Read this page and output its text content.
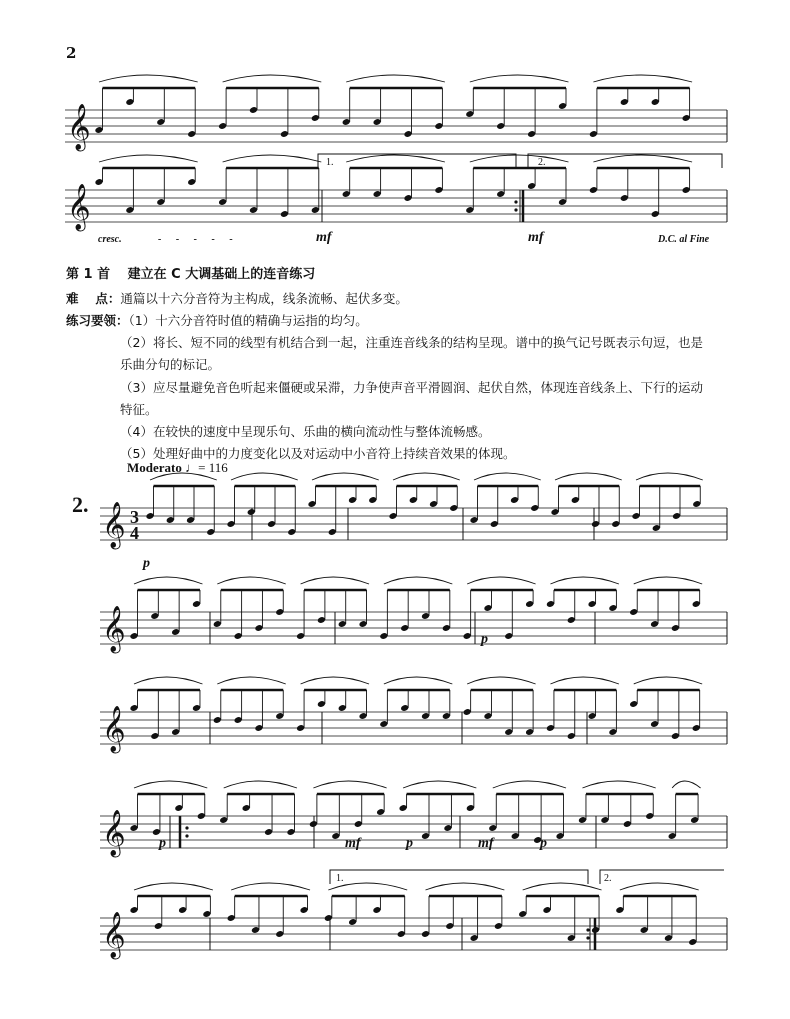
2
𝄞
𝄞
1.	2.
cresc.	- - - - -	mf	mf	D.C. al Fine
第 1 首　 建立在 C 大调基础上的连音练习
难　 点：通篇以十六分音符为主构成，线条流畅、起伏多变。
练习要领：（1）十六分音符时值的精确与运指的均匀。
（2）将长、短不同的线型有机结合到一起，注重连音线条的结构呈现。谱中的换气记号既表示句逗，也是
乐曲分句的标记。
（3）应尽量避免音色听起来僵硬或呆滞，力争使声音平滑圆润、起伏自然，体现连音线条上、下行的运动
特征。
（4）在较快的速度中呈现乐句、乐曲的横向流动性与整体流畅感。
（5）处理好曲中的力度变化以及对运动中小音符上持续音效果的体现。
Moderato ♩= 116
2. 𝄞 3
4
p
𝄞	p
𝄞
𝄞 p	mf	p	mf	p
𝄞
1.	2.
